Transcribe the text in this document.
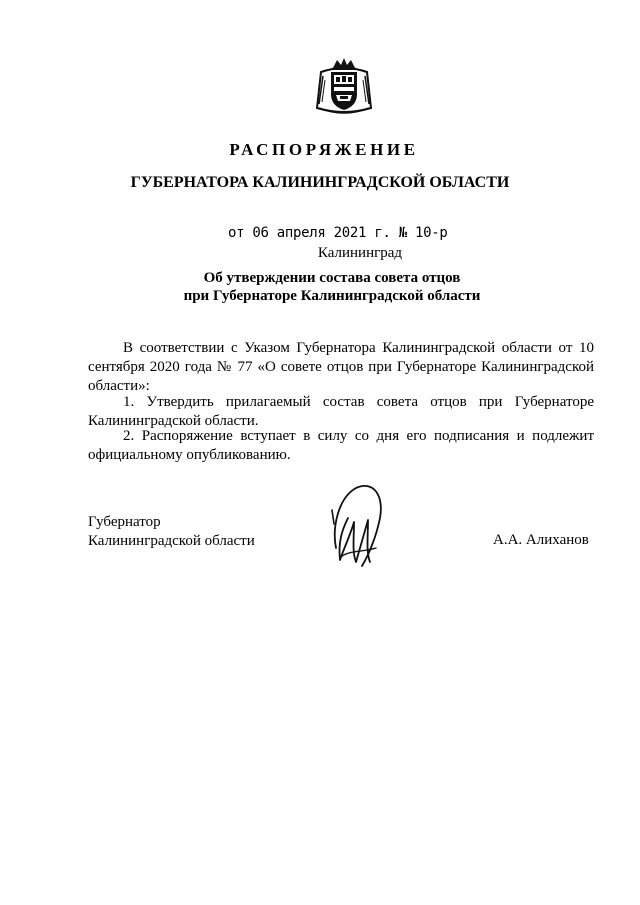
РАСПОРЯЖЕНИЕ
ГУБЕРНАТОРА КАЛИНИНГРАДСКОЙ ОБЛАСТИ
от 06 апреля 2021 г. № 10-р
Калининград
Об утверждении состава совета отцов
при Губернаторе Калининградской области
В соответствии с Указом Губернатора Калининградской области от 10 сентября 2020 года № 77 «О совете отцов при Губернаторе Калининградской области»:
1. Утвердить прилагаемый состав совета отцов при Губернаторе Калининградской области.
2. Распоряжение вступает в силу со дня его подписания и подлежит официальному опубликованию.
Губернатор
Калининградской области	А.А. Алиханов
